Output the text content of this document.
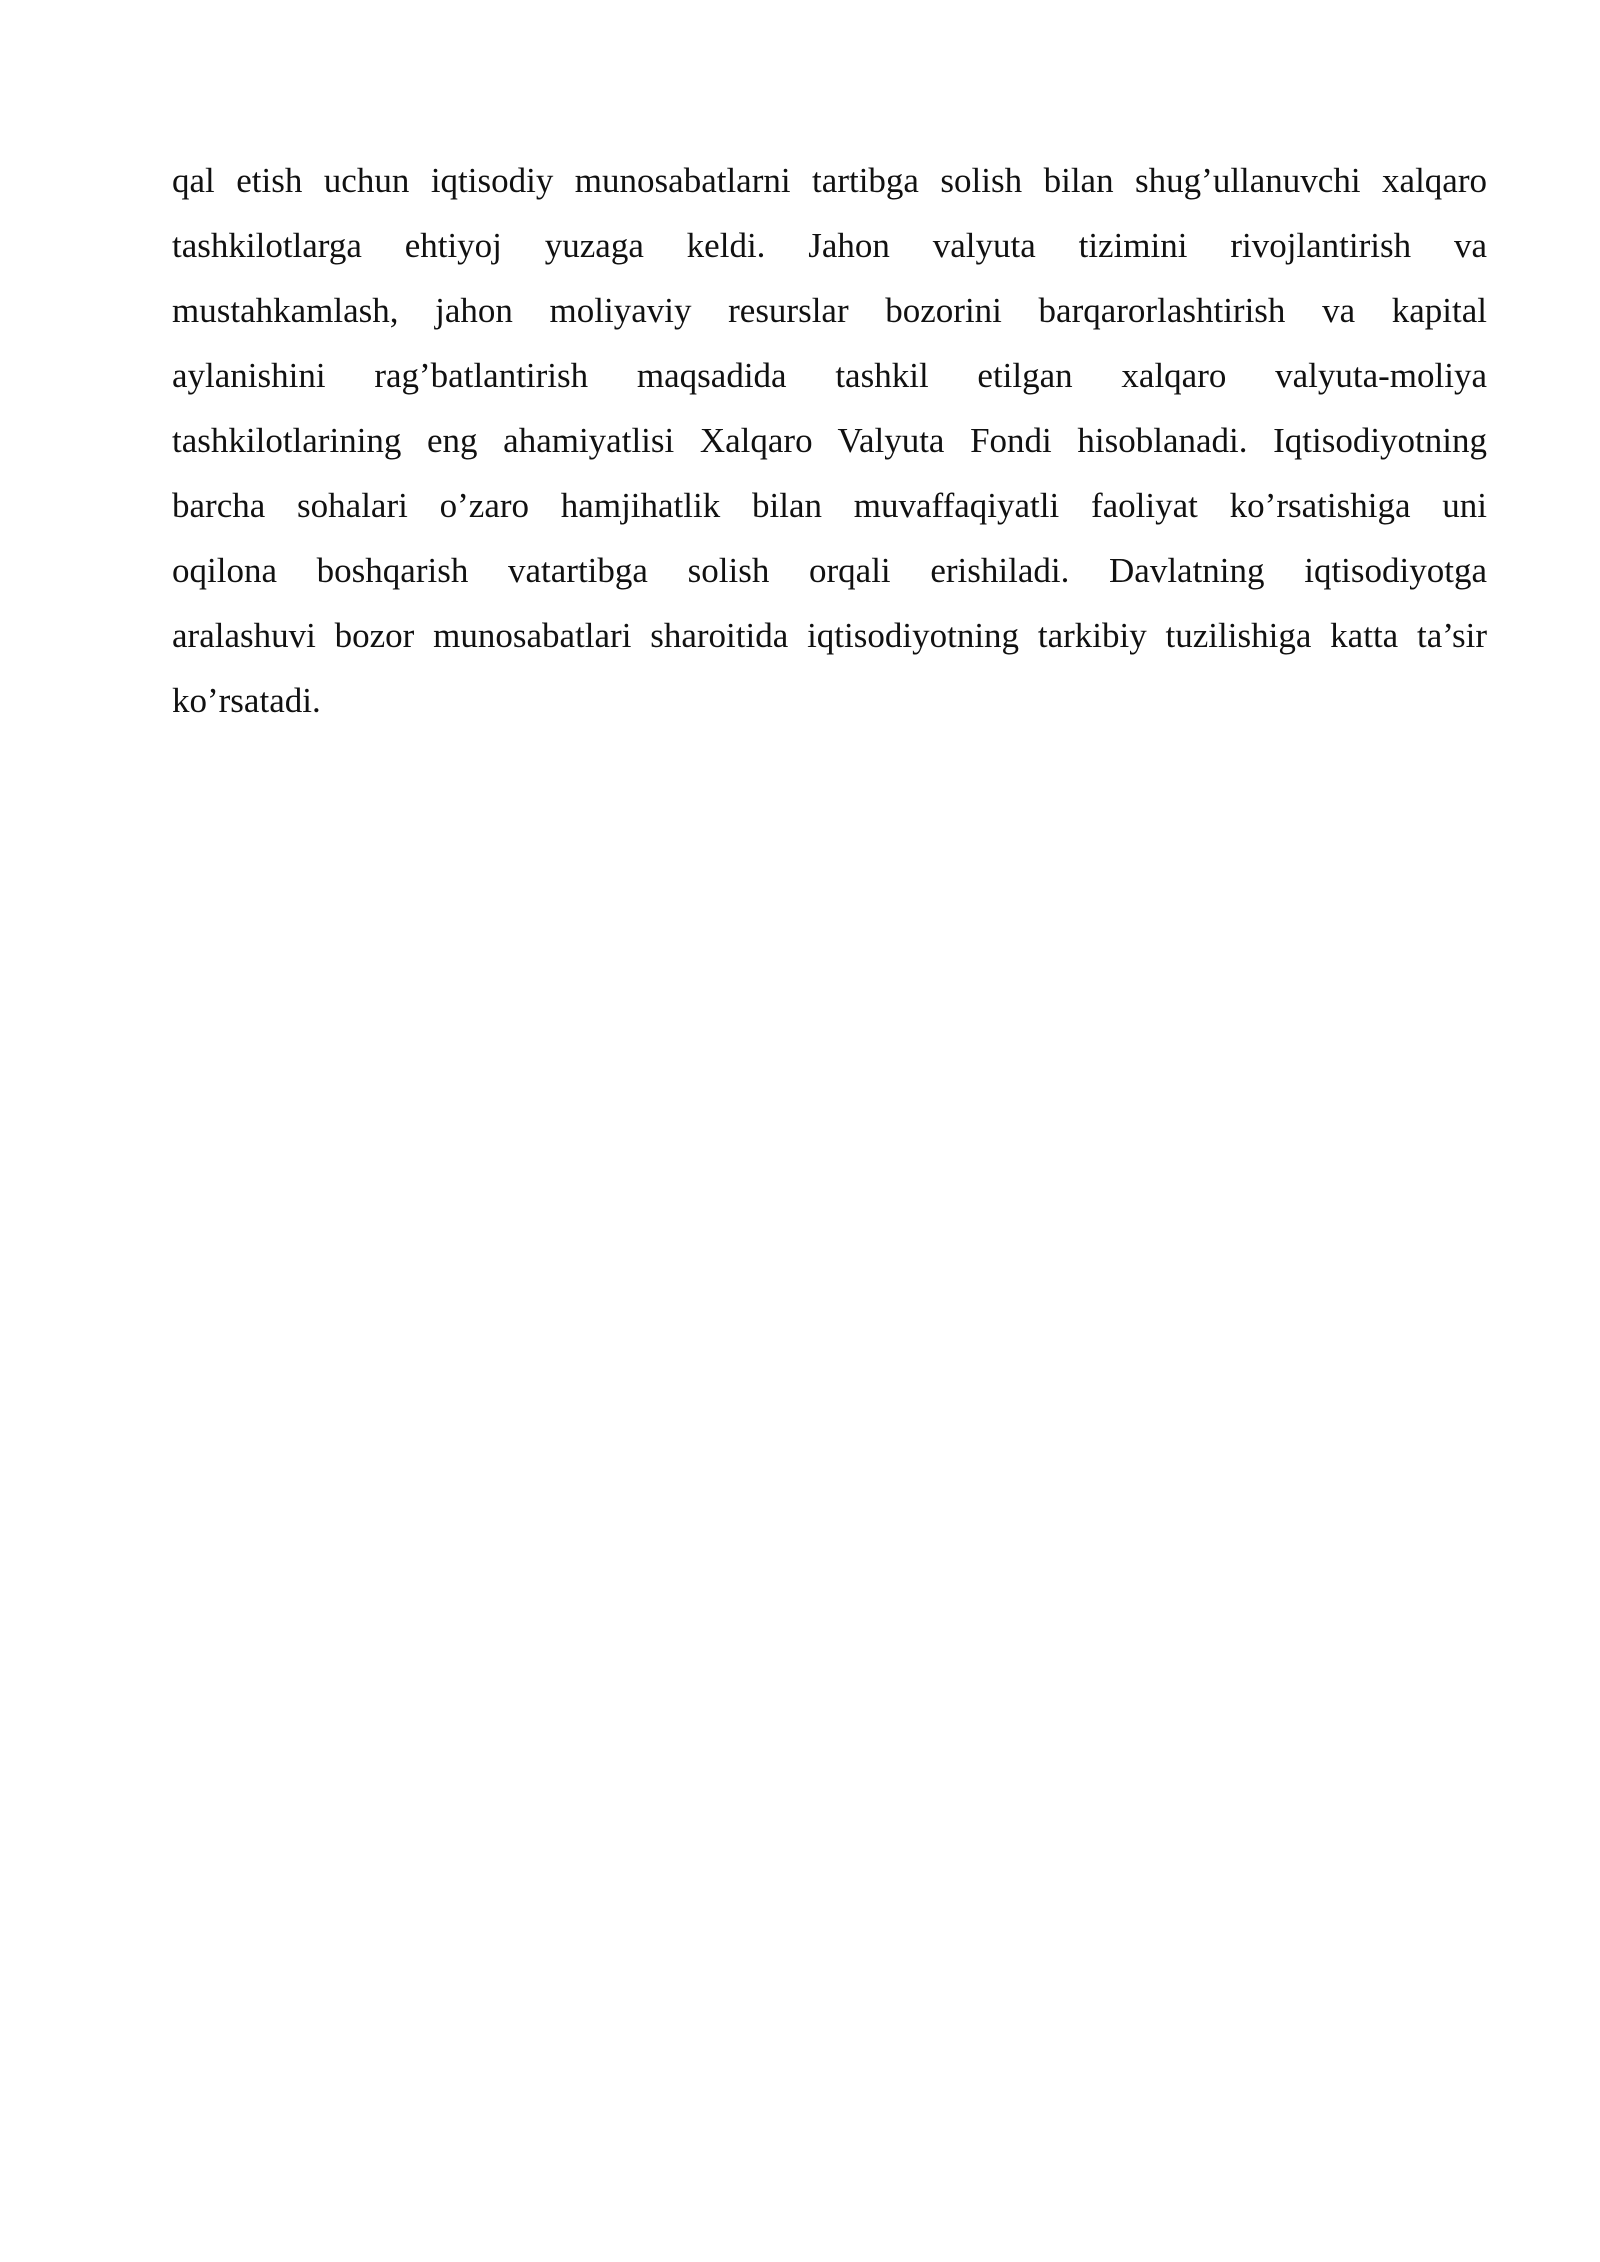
qal etish uchun iqtisodiy munosabatlarni tartibga solish bilan shug’ullanuvchi xalqaro
tashkilotlarga ehtiyoj yuzaga keldi. Jahon valyuta tizimini rivojlantirish va
mustahkamlash, jahon moliyaviy resurslar bozorini barqarorlashtirish va kapital
aylanishini rag’batlantirish maqsadida tashkil etilgan xalqaro valyuta-moliya
tashkilotlarining eng ahamiyatlisi Xalqaro Valyuta Fondi hisoblanadi. Iqtisodiyotning
barcha sohalari o’zaro hamjihatlik bilan muvaffaqiyatli faoliyat ko’rsatishiga uni
oqilona boshqarish vatartibga solish orqali erishiladi. Davlatning iqtisodiyotga
aralashuvi bozor munosabatlari sharoitida iqtisodiyotning tarkibiy tuzilishiga katta ta’sir
ko’rsatadi.
